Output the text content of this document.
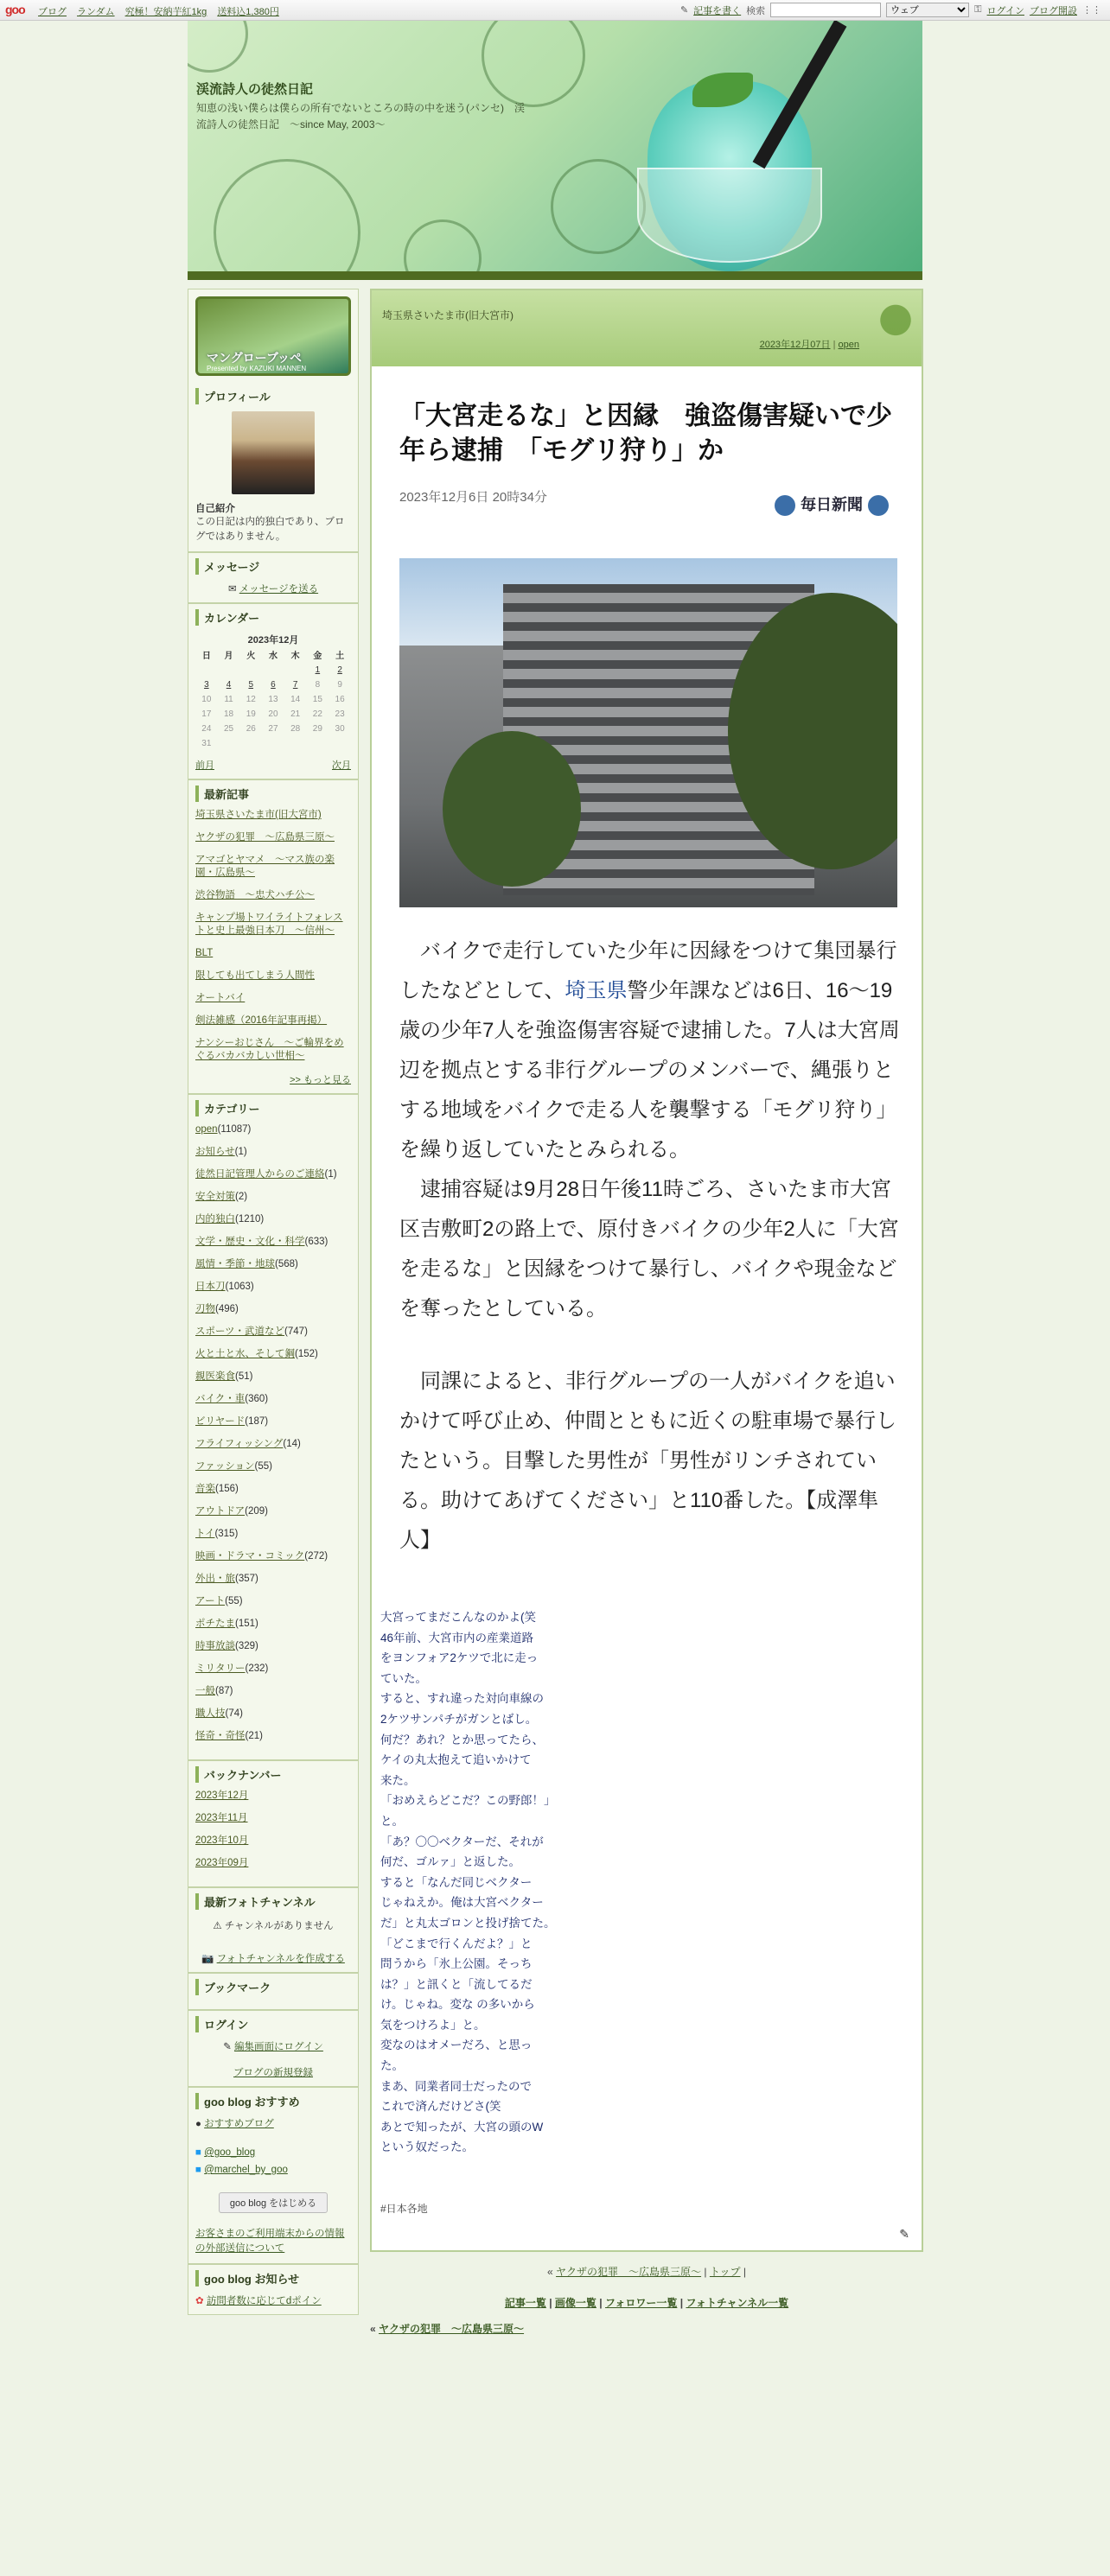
goo ブログ ランダム 究極！安納芋紅1kg 送料込1,380円	✎ 記事を書く 検索
ウェブ	⚿ ログイン ブログ開設 ⋮⋮
渓流詩人の徒然日記
知恵の浅い僕らは僕らの所有でないところの時の中を迷う(パンセ)　渓流詩人の徒然日記　～since May, 2003～
マングローブッペ
Presented by KAZUKI MANNEN
プロフィール
自己紹介
この日記は内的独白であり、ブログではありません。
メッセージ
✉ メッセージを送る
カレンダー
2023年12月
日	月	火	水	木	金	土
					1	2
3	4	5	6	7	8	9
10	11	12	13	14	15	16
17	18	19	20	21	22	23
24	25	26	27	28	29	30
31						
前月	次月
最新記事
埼玉県さいたま市(旧大宮市)
ヤクザの犯罪　～広島県三原～
アマゴとヤマメ　～マス族の楽園・広島県～
渋谷物語　～忠犬ハチ公～
キャンプ場トワイライトフォレストと史上最強日本刀　～信州～
BLT
限しても出てしまう人間性
オートバイ
剣法雑感（2016年記事再掲）
ナンシーおじさん　～ご輪界をめぐるバカバカしい世相～
>> もっと見る
カテゴリー
open(11087)
お知らせ(1)
徒然日記管理人からのご連絡(1)
安全対策(2)
内的独白(1210)
文学・歴史・文化・科学(633)
風情・季節・地球(568)
日本刀(1063)
刃物(496)
スポーツ・武道など(747)
火と土と水、そして鋼(152)
親医楽食(51)
バイク・車(360)
ビリヤード(187)
フライフィッシング(14)
ファッション(55)
音楽(156)
アウトドア(209)
トイ(315)
映画・ドラマ・コミック(272)
外出・旅(357)
アート(55)
ポチたま(151)
時事放談(329)
ミリタリー(232)
一般(87)
職人技(74)
怪奇・奇怪(21)
バックナンバー
2023年12月
2023年11月
2023年10月
2023年09月
最新フォトチャンネル
⚠ チャンネルがありません
📷 フォトチャンネルを作成する
ブックマーク
ログイン
✎ 編集画面にログイン
ブログの新規登録
goo blog おすすめ
● おすすめブログ
■ @goo_blog
■ @marchel_by_goo
goo blog をはじめる
お客さまのご利用端末からの情報の外部送信について
goo blog お知らせ
✿ 訪問者数に応じてdポイン
埼玉県さいたま市(旧大宮市)
2023年12月07日 | open
「大宮走るな」と因縁　強盗傷害疑いで少年ら逮捕　「モグリ狩り」か
2023年12月6日 20時34分	毎日新聞
バイクで走行していた少年に因縁をつけて集団暴行したなどとして、埼玉県警少年課などは6日、16～19歳の少年7人を強盗傷害容疑で逮捕した。7人は大宮周辺を拠点とする非行グループのメンバーで、縄張りとする地域をバイクで走る人を襲撃する「モグリ狩り」を繰り返していたとみられる。
逮捕容疑は9月28日午後11時ごろ、さいたま市大宮区吉敷町2の路上で、原付きバイクの少年2人に「大宮を走るな」と因縁をつけて暴行し、バイクや現金などを奪ったとしている。
同課によると、非行グループの一人がバイクを追いかけて呼び止め、仲間とともに近くの駐車場で暴行したという。目撃した男性が「男性がリンチされている。助けてあげてください」と110番した。【成澤隼人】
大宮ってまだこんなのかよ(笑
46年前、大宮市内の産業道路
をヨンフォア2ケツで北に走っ
ていた。
すると、すれ違った対向車線の
2ケツサンパチがガンとばし。
何だ？あれ？とか思ってたら、
ケイの丸太抱えて追いかけて
来た。
「おめえらどこだ？この野郎！」
と。
「あ？〇〇ベクターだ、それが
何だ、ゴルァ」と返した。
すると「なんだ同じベクター
じゃねえか。俺は大宮ベクター
だ」と丸太ゴロンと投げ捨てた。
「どこまで行くんだよ？」と
問うから「氷上公園。そっち
は？」と訊くと「流してるだ
け。じゃね。変な の多いから
気をつけろよ」と。
変なのはオメーだろ、と思っ
た。
まあ、同業者同士だったので
これで済んだけどさ(笑
あとで知ったが、大宮の頭のW
という奴だった。
#日本各地
✎
« ヤクザの犯罪　～広島県三原～ | トップ |
記事一覧 | 画像一覧 | フォロワー一覧 | フォトチャンネル一覧
« ヤクザの犯罪　～広島県三原～
